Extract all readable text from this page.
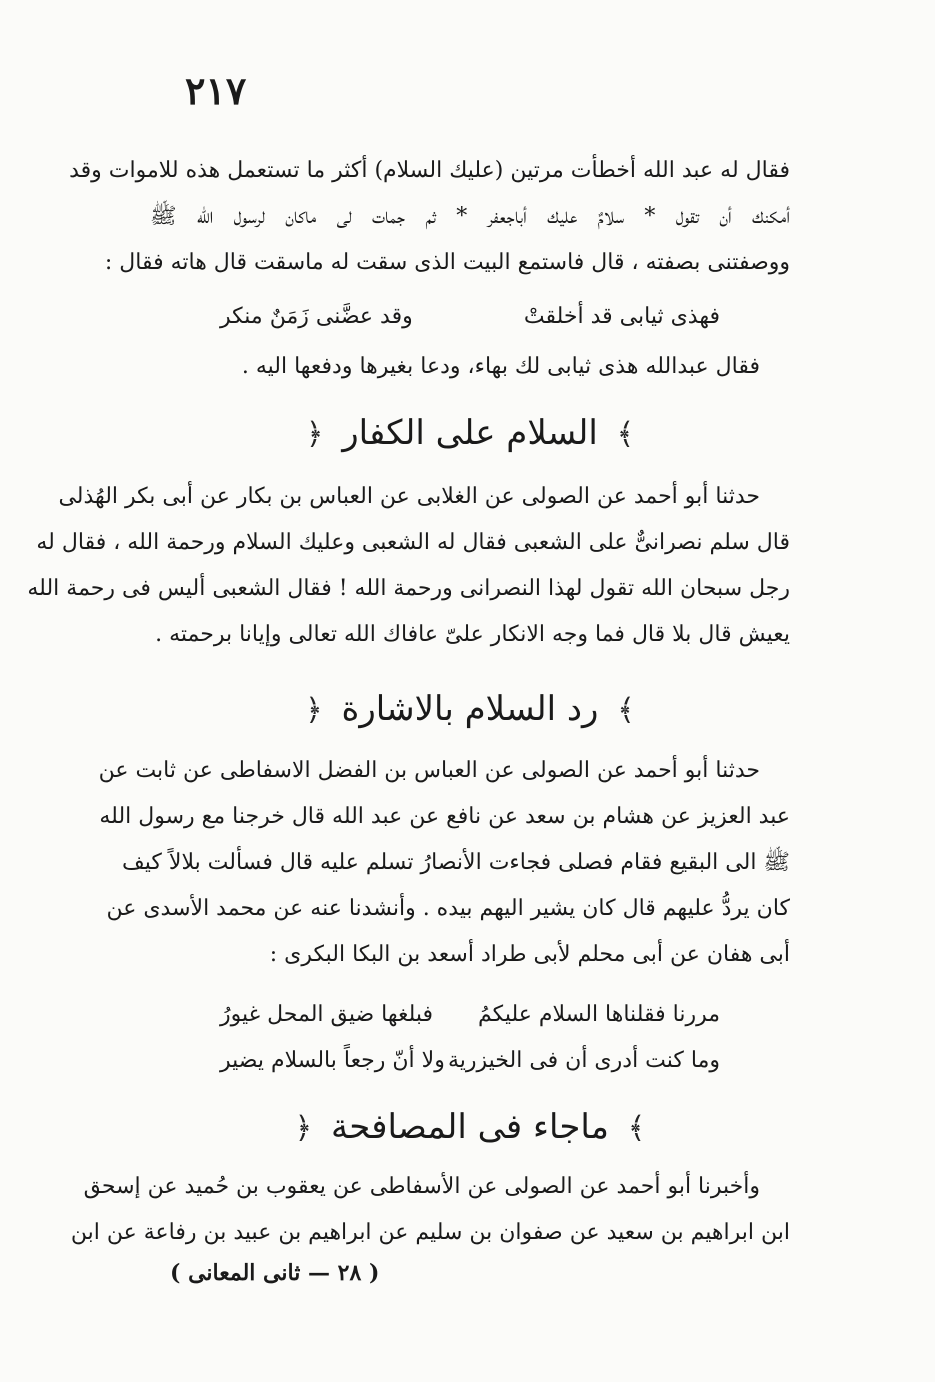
٢١٧
فقال له عبد الله أخطأت مرتين (عليك السلام) أكثر ما تستعمل هذه للاموات وقد
أمكنك أن تقول * سلامٌ عليك أباجعفر * ثم جمات لى ماكان لرسول الله ﷺ
ووصفتنى بصفته ، قال فاستمع البيت الذى سقت له ماسقت قال هاته فقال :
فهذى ثيابى قد أخلقتْ
وقد عضَّنى زَمَنٌ منكر
فقال عبدالله هذى ثيابى لك بهاء، ودعا بغيرها ودفعها اليه .
﴾ السلام على الكفار ﴿
حدثنا أبو أحمد عن الصولى عن الغلابى عن العباس بن بكار عن أبى بكر الهُذلى
قال سلم نصرانىٌّ على الشعبى فقال له الشعبى وعليك السلام ورحمة الله ، فقال له
رجل سبحان الله تقول لهذا النصرانى ورحمة الله ! فقال الشعبى أليس فى رحمة الله
يعيش قال بلا قال فما وجه الانكار علىّ عافاك الله تعالى وإيانا برحمته .
﴾ رد السلام بالاشارة ﴿
حدثنا أبو أحمد عن الصولى عن العباس بن الفضل الاسفاطى عن ثابت عن
عبد العزيز عن هشام بن سعد عن نافع عن عبد الله قال خرجنا مع رسول الله
ﷺ الى البقيع فقام فصلى فجاءت الأنصارُ تسلم عليه قال فسألت بلالاً كيف
كان يردُّ عليهم قال كان يشير اليهم بيده . وأنشدنا عنه عن محمد الأسدى عن
أبى هفان عن أبى محلم لأبى طراد أسعد بن البكا البكرى :
مررنا فقلناها السلام عليكمُ
فبلغها ضيق المحل غيورُ
وما كنت أدرى أن فى الخيزرية
ولا أنّ رجعاً بالسلام يضير
﴾ ماجاء فى المصافحة ﴿
وأخبرنا أبو أحمد عن الصولى عن الأسفاطى عن يعقوب بن حُميد عن إسحق
ابن ابراهيم بن سعيد عن صفوان بن سليم عن ابراهيم بن عبيد بن رفاعة عن ابن
( ٢٨ — ثانى المعانى )
